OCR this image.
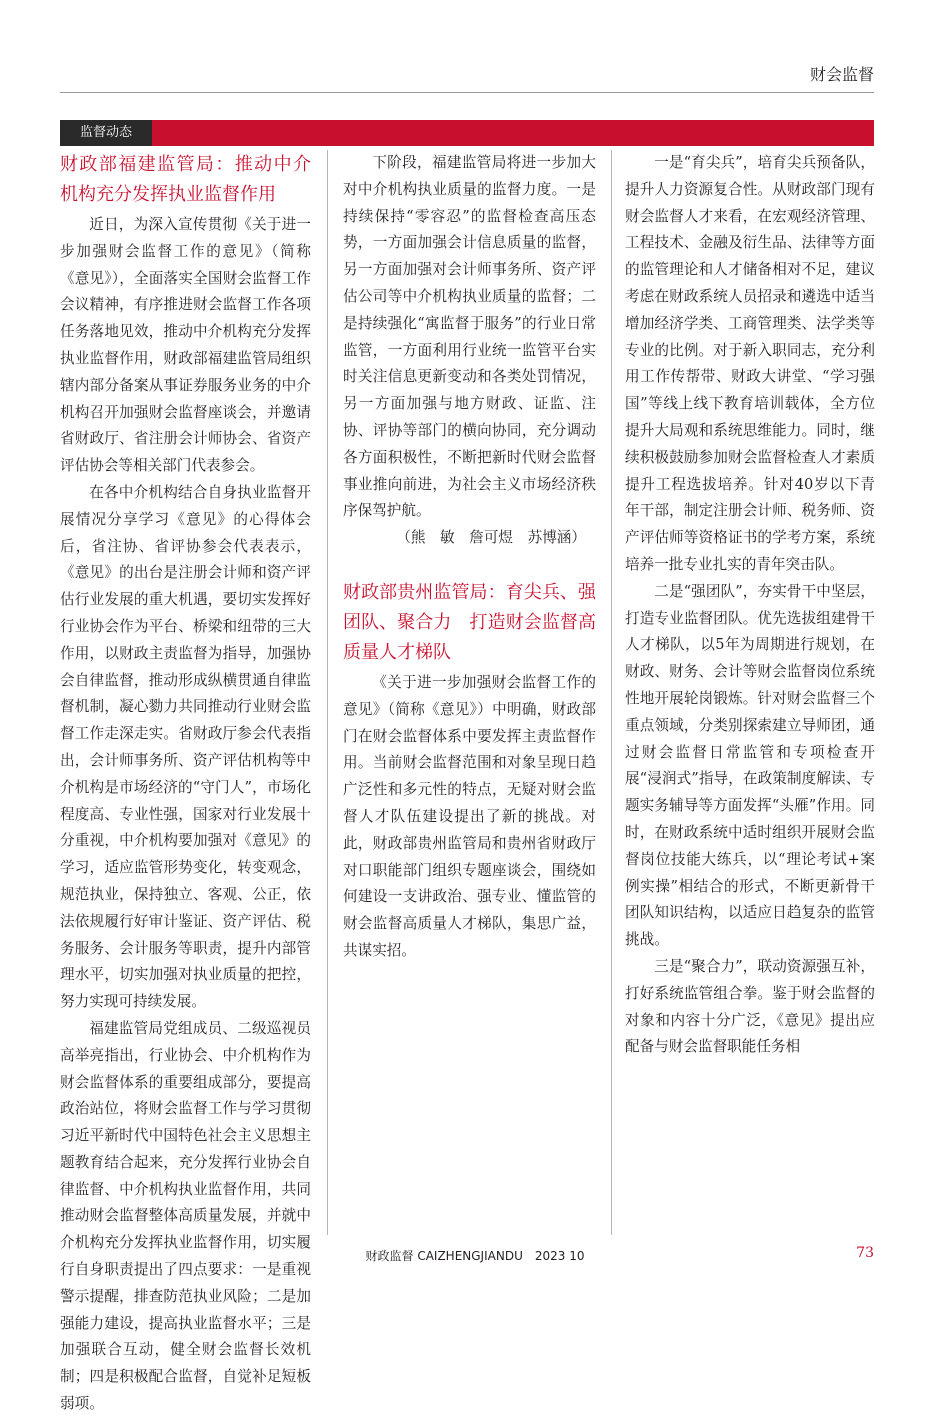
财会监督
监督动态
财政部福建监管局：推动中介机构充分发挥执业监督作用

近日，为深入宣传贯彻《关于进一步加强财会监督工作的意见》（简称《意见》），全面落实全国财会监督工作会议精神，有序推进财会监督工作各项任务落地见效，推动中介机构充分发挥执业监督作用，财政部福建监管局组织辖内部分备案从事证券服务业务的中介机构召开加强财会监督座谈会，并邀请省财政厅、省注册会计师协会、省资产评估协会等相关部门代表参会。

在各中介机构结合自身执业监督开展情况分享学习《意见》的心得体会后，省注协、省评协参会代表表示，《意见》的出台是注册会计师和资产评估行业发展的重大机遇，要切实发挥好行业协会作为平台、桥梁和纽带的三大作用，以财政主责监督为指导，加强协会自律监督，推动形成纵横贯通自律监督机制，凝心勠力共同推动行业财会监督工作走深走实。省财政厅参会代表指出，会计师事务所、资产评估机构等中介机构是市场经济的“守门人”，市场化程度高、专业性强，国家对行业发展十分重视，中介机构要加强对《意见》的学习，适应监管形势变化，转变观念，规范执业，保持独立、客观、公正，依法依规履行好审计鉴证、资产评估、税务服务、会计服务等职责，提升内部管理水平，切实加强对执业质量的把控，努力实现可持续发展。

福建监管局党组成员、二级巡视员高举亮指出，行业协会、中介机构作为财会监督体系的重要组成部分，要提高政治站位，将财会监督工作与学习贯彻习近平新时代中国特色社会主义思想主题教育结合起来，充分发挥行业协会自律监督、中介机构执业监督作用，共同推动财会监督整体高质量发展，并就中介机构充分发挥执业监督作用，切实履行自身职责提出了四点要求：一是重视警示提醒，排查防范执业风险；二是加强能力建设，提高执业监督水平；三是加强联合互动，健全财会监督长效机制；四是积极配合监督，自觉补足短板弱项。

下阶段，福建监管局将进一步加大对中介机构执业质量的监督力度。一是持续保持“零容忍”的监督检查高压态势，一方面加强会计信息质量的监督，另一方面加强对会计师事务所、资产评估公司等中介机构执业质量的监督；二是持续强化“寓监督于服务”的行业日常监管，一方面利用行业统一监管平台实时关注信息更新变动和各类处罚情况，另一方面加强与地方财政、证监、注协、评协等部门的横向协同，充分调动各方面积极性，不断把新时代财会监督事业推向前进，为社会主义市场经济秩序保驾护航。

（熊　敏　詹可煜　苏博涵）

财政部贵州监管局：育尖兵、强团队、聚合力　打造财会监督高质量人才梯队

《关于进一步加强财会监督工作的意见》（简称《意见》）中明确，财政部门在财会监督体系中要发挥主责监督作用。当前财会监督范围和对象呈现日趋广泛性和多元性的特点，无疑对财会监督人才队伍建设提出了新的挑战。对此，财政部贵州监管局和贵州省财政厅对口职能部门组织专题座谈会，围绕如何建设一支讲政治、强专业、懂监管的财会监督高质量人才梯队，集思广益，共谋实招。

一是“育尖兵”，培育尖兵预备队，提升人力资源复合性。从财政部门现有财会监督人才来看，在宏观经济管理、工程技术、金融及衍生品、法律等方面的监管理论和人才储备相对不足，建议考虑在财政系统人员招录和遴选中适当增加经济学类、工商管理类、法学类等专业的比例。对于新入职同志，充分利用工作传帮带、财政大讲堂、“学习强国”等线上线下教育培训载体，全方位提升大局观和系统思维能力。同时，继续积极鼓励参加财会监督检查人才素质提升工程选拔培养。针对40岁以下青年干部，制定注册会计师、税务师、资产评估师等资格证书的学考方案，系统培养一批专业扎实的青年突击队。

二是“强团队”，夯实骨干中坚层，打造专业监督团队。优先选拔组建骨干人才梯队，以5年为周期进行规划，在财政、财务、会计等财会监督岗位系统性地开展轮岗锻炼。针对财会监督三个重点领域，分类别探索建立导师团，通过财会监督日常监管和专项检查开展“浸润式”指导，在政策制度解读、专题实务辅导等方面发挥“头雁”作用。同时，在财政系统中适时组织开展财会监督岗位技能大练兵，以“理论考试+案例实操”相结合的形式，不断更新骨干团队知识结构，以适应日趋复杂的监管挑战。

三是“聚合力”，联动资源强互补，打好系统监管组合拳。鉴于财会监督的对象和内容十分广泛，《意见》提出应配备与财会监督职能任务相

财政监督 CAIZHENGJIANDU　2023 10	73
